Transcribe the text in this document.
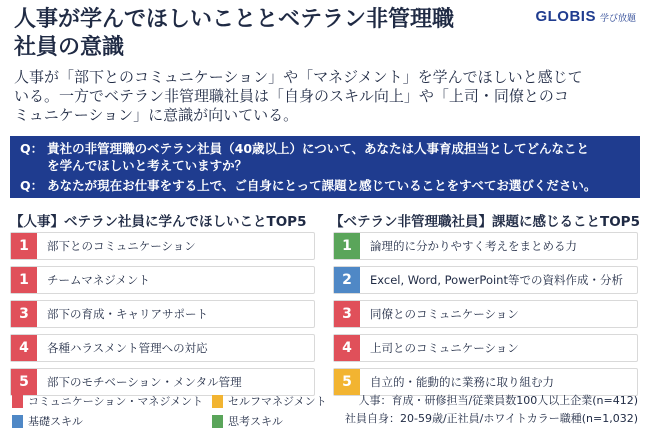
人事が学んでほしいこととベテラン非管理職
社員の意識
GLOBIS 学び放題
人事が「部下とのコミュニケーション」や「マネジメント」を学んでほしいと感じて
いる。一方でベテラン非管理職社員は「自身のスキル向上」や「上司・同僚とのコ
ミュニケーション」に意識が向いている。
Q： 貴社の非管理職のベテラン社員（40歳以上）について、あなたは人事育成担当としてどんなこと
を学んでほしいと考えていますか？
Q： あなたが現在お仕事をする上で、ご自身にとって課題と感じていることをすべてお選びください。
【人事】ベテラン社員に学んでほしいことTOP5 【ベテラン非管理職社員】課題に感じることTOP5
1	部下とのコミュニケーション
1	チームマネジメント
3	部下の育成・キャリアサポート
4	各種ハラスメント管理への対応
5	部下のモチベーション・メンタル管理
1	論理的に分かりやすく考えをまとめる力
2	Excel, Word, PowerPoint等での資料作成・分析
3	同僚とのコミュニケーション
4	上司とのコミュニケーション
5	自立的・能動的に業務に取り組む力
コミュニケーション・マネジメント セルフマネジメント
基礎スキル	思考スキル
人事：育成・研修担当/従業員数100人以上企業(n=412)
社員自身：20-59歳/正社員/ホワイトカラー職種(n=1,032)
